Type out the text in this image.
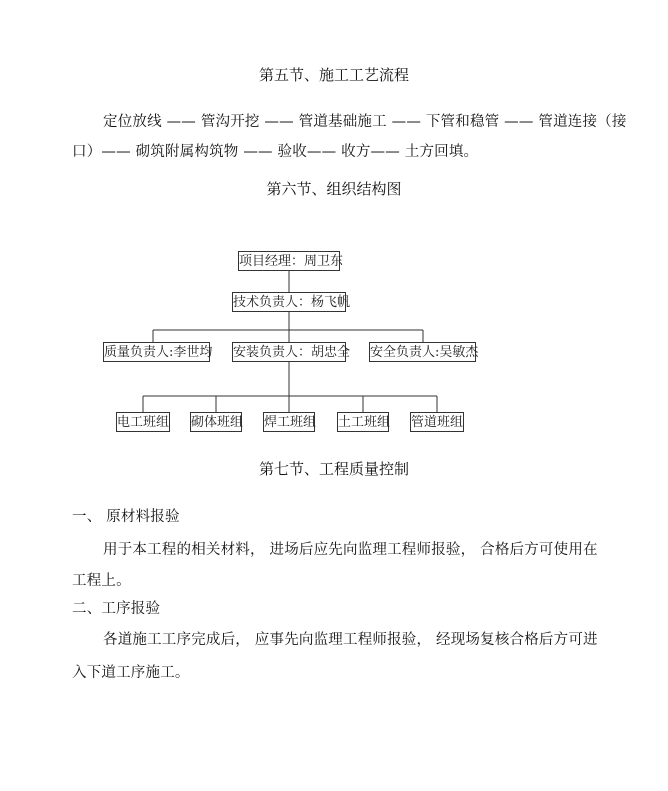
第五节、施工工艺流程
定位放线 —— 管沟开挖 —— 管道基础施工 —— 下管和稳管 —— 管道连接（接
口）—— 砌筑附属构筑物 —— 验收—— 收方—— 土方回填。
第六节、组织结构图
项目经理：周卫东
技术负责人：杨飞帆
质量负责人:李世均 安装负责人：胡忠全 安全负责人:吴敏杰
电工班组 砌体班组 焊工班组 土工班组 管道班组
第七节、工程质量控制
一、 原材料报验
用于本工程的相关材料， 进场后应先向监理工程师报验， 合格后方可使用在
工程上。
二、工序报验
各道施工工序完成后， 应事先向监理工程师报验， 经现场复核合格后方可进
入下道工序施工。
